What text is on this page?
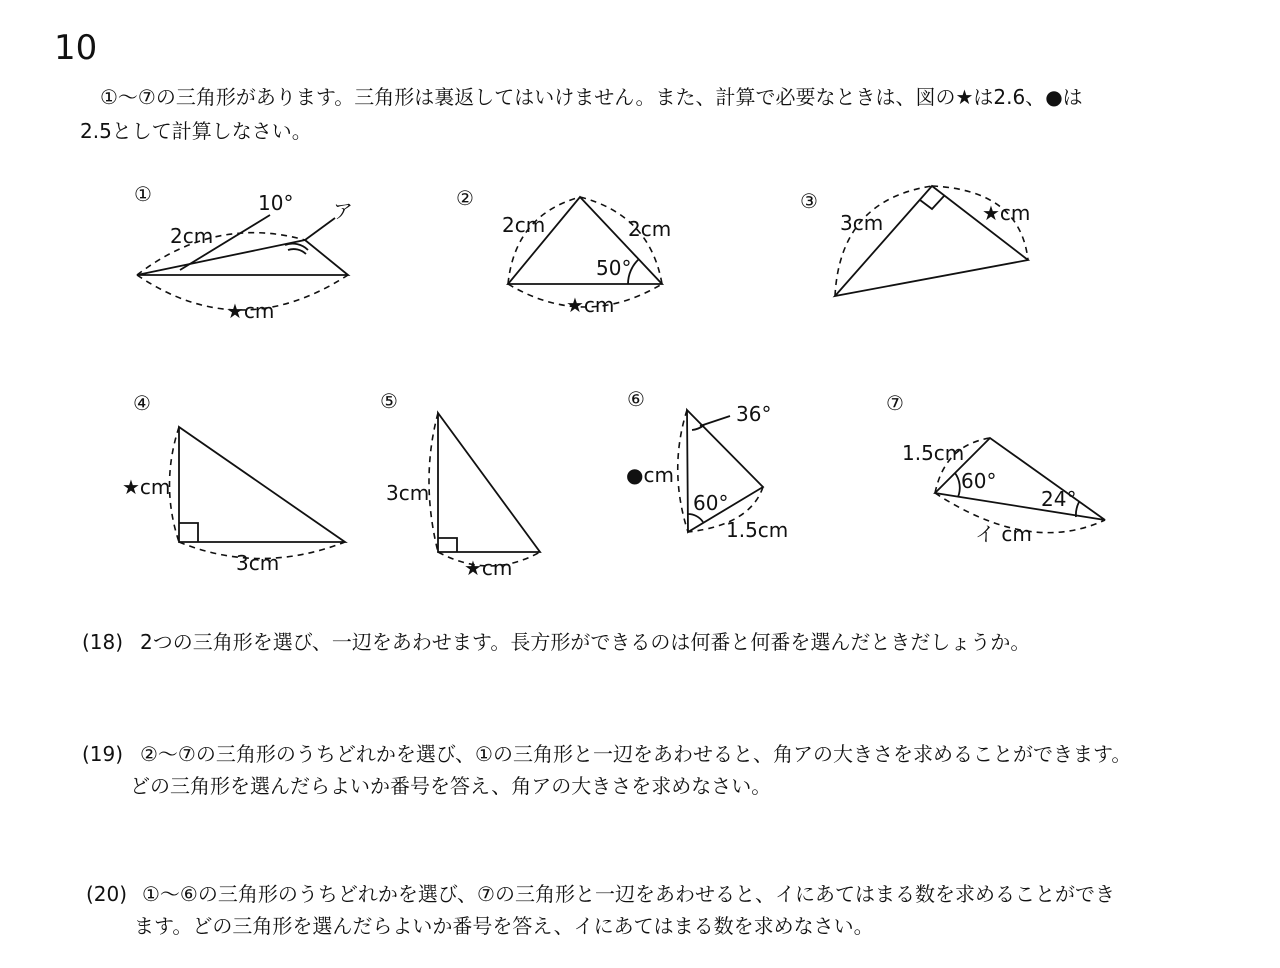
10
①〜⑦の三角形があります。三角形は裏返してはいけません。また、計算で必要なときは、図の★は2.6、●は
2.5として計算しなさい。
①	10°
2cm
ア
★cm
②
2cm	2cm
50°
★cm
③
3cm	★cm
④
★cm
3cm
⑤
3cm
★cm
⑥
36°
●cm
60°
1.5cm
⑦
1.5cm
60°
24°
イ cm
(18) 2つの三角形を選び、一辺をあわせます。長方形ができるのは何番と何番を選んだときだしょうか。
(19) ②〜⑦の三角形のうちどれかを選び、①の三角形と一辺をあわせると、角アの大きさを求めることができます。
どの三角形を選んだらよいか番号を答え、角アの大きさを求めなさい。
(20) ①〜⑥の三角形のうちどれかを選び、⑦の三角形と一辺をあわせると、イにあてはまる数を求めることができ
ます。どの三角形を選んだらよいか番号を答え、イにあてはまる数を求めなさい。
